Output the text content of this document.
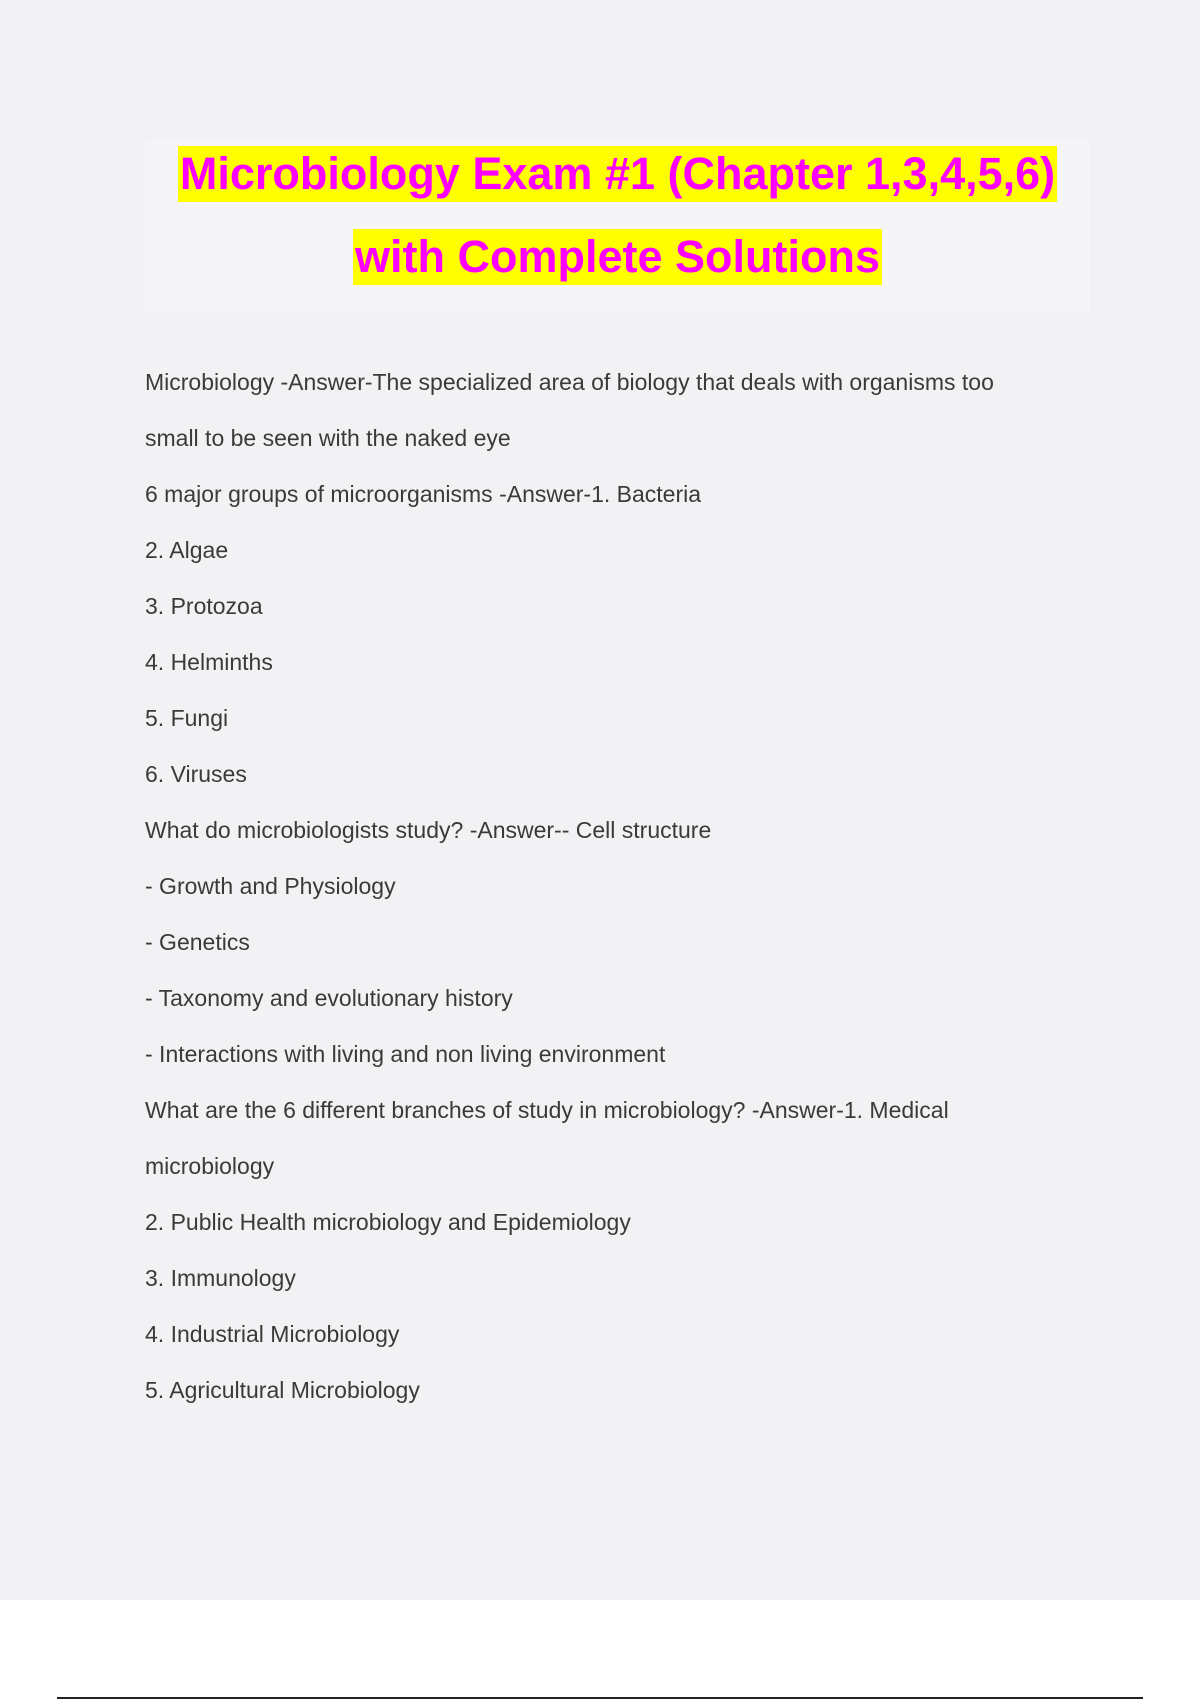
Microbiology Exam #1 (Chapter 1,3,4,5,6)
with Complete Solutions
Microbiology -Answer-The specialized area of biology that deals with organisms too
small to be seen with the naked eye
6 major groups of microorganisms -Answer-1. Bacteria
2. Algae
3. Protozoa
4. Helminths
5. Fungi
6. Viruses
What do microbiologists study? -Answer-- Cell structure
- Growth and Physiology
- Genetics
- Taxonomy and evolutionary history
- Interactions with living and non living environment
What are the 6 different branches of study in microbiology? -Answer-1. Medical
microbiology
2. Public Health microbiology and Epidemiology
3. Immunology
4. Industrial Microbiology
5. Agricultural Microbiology
